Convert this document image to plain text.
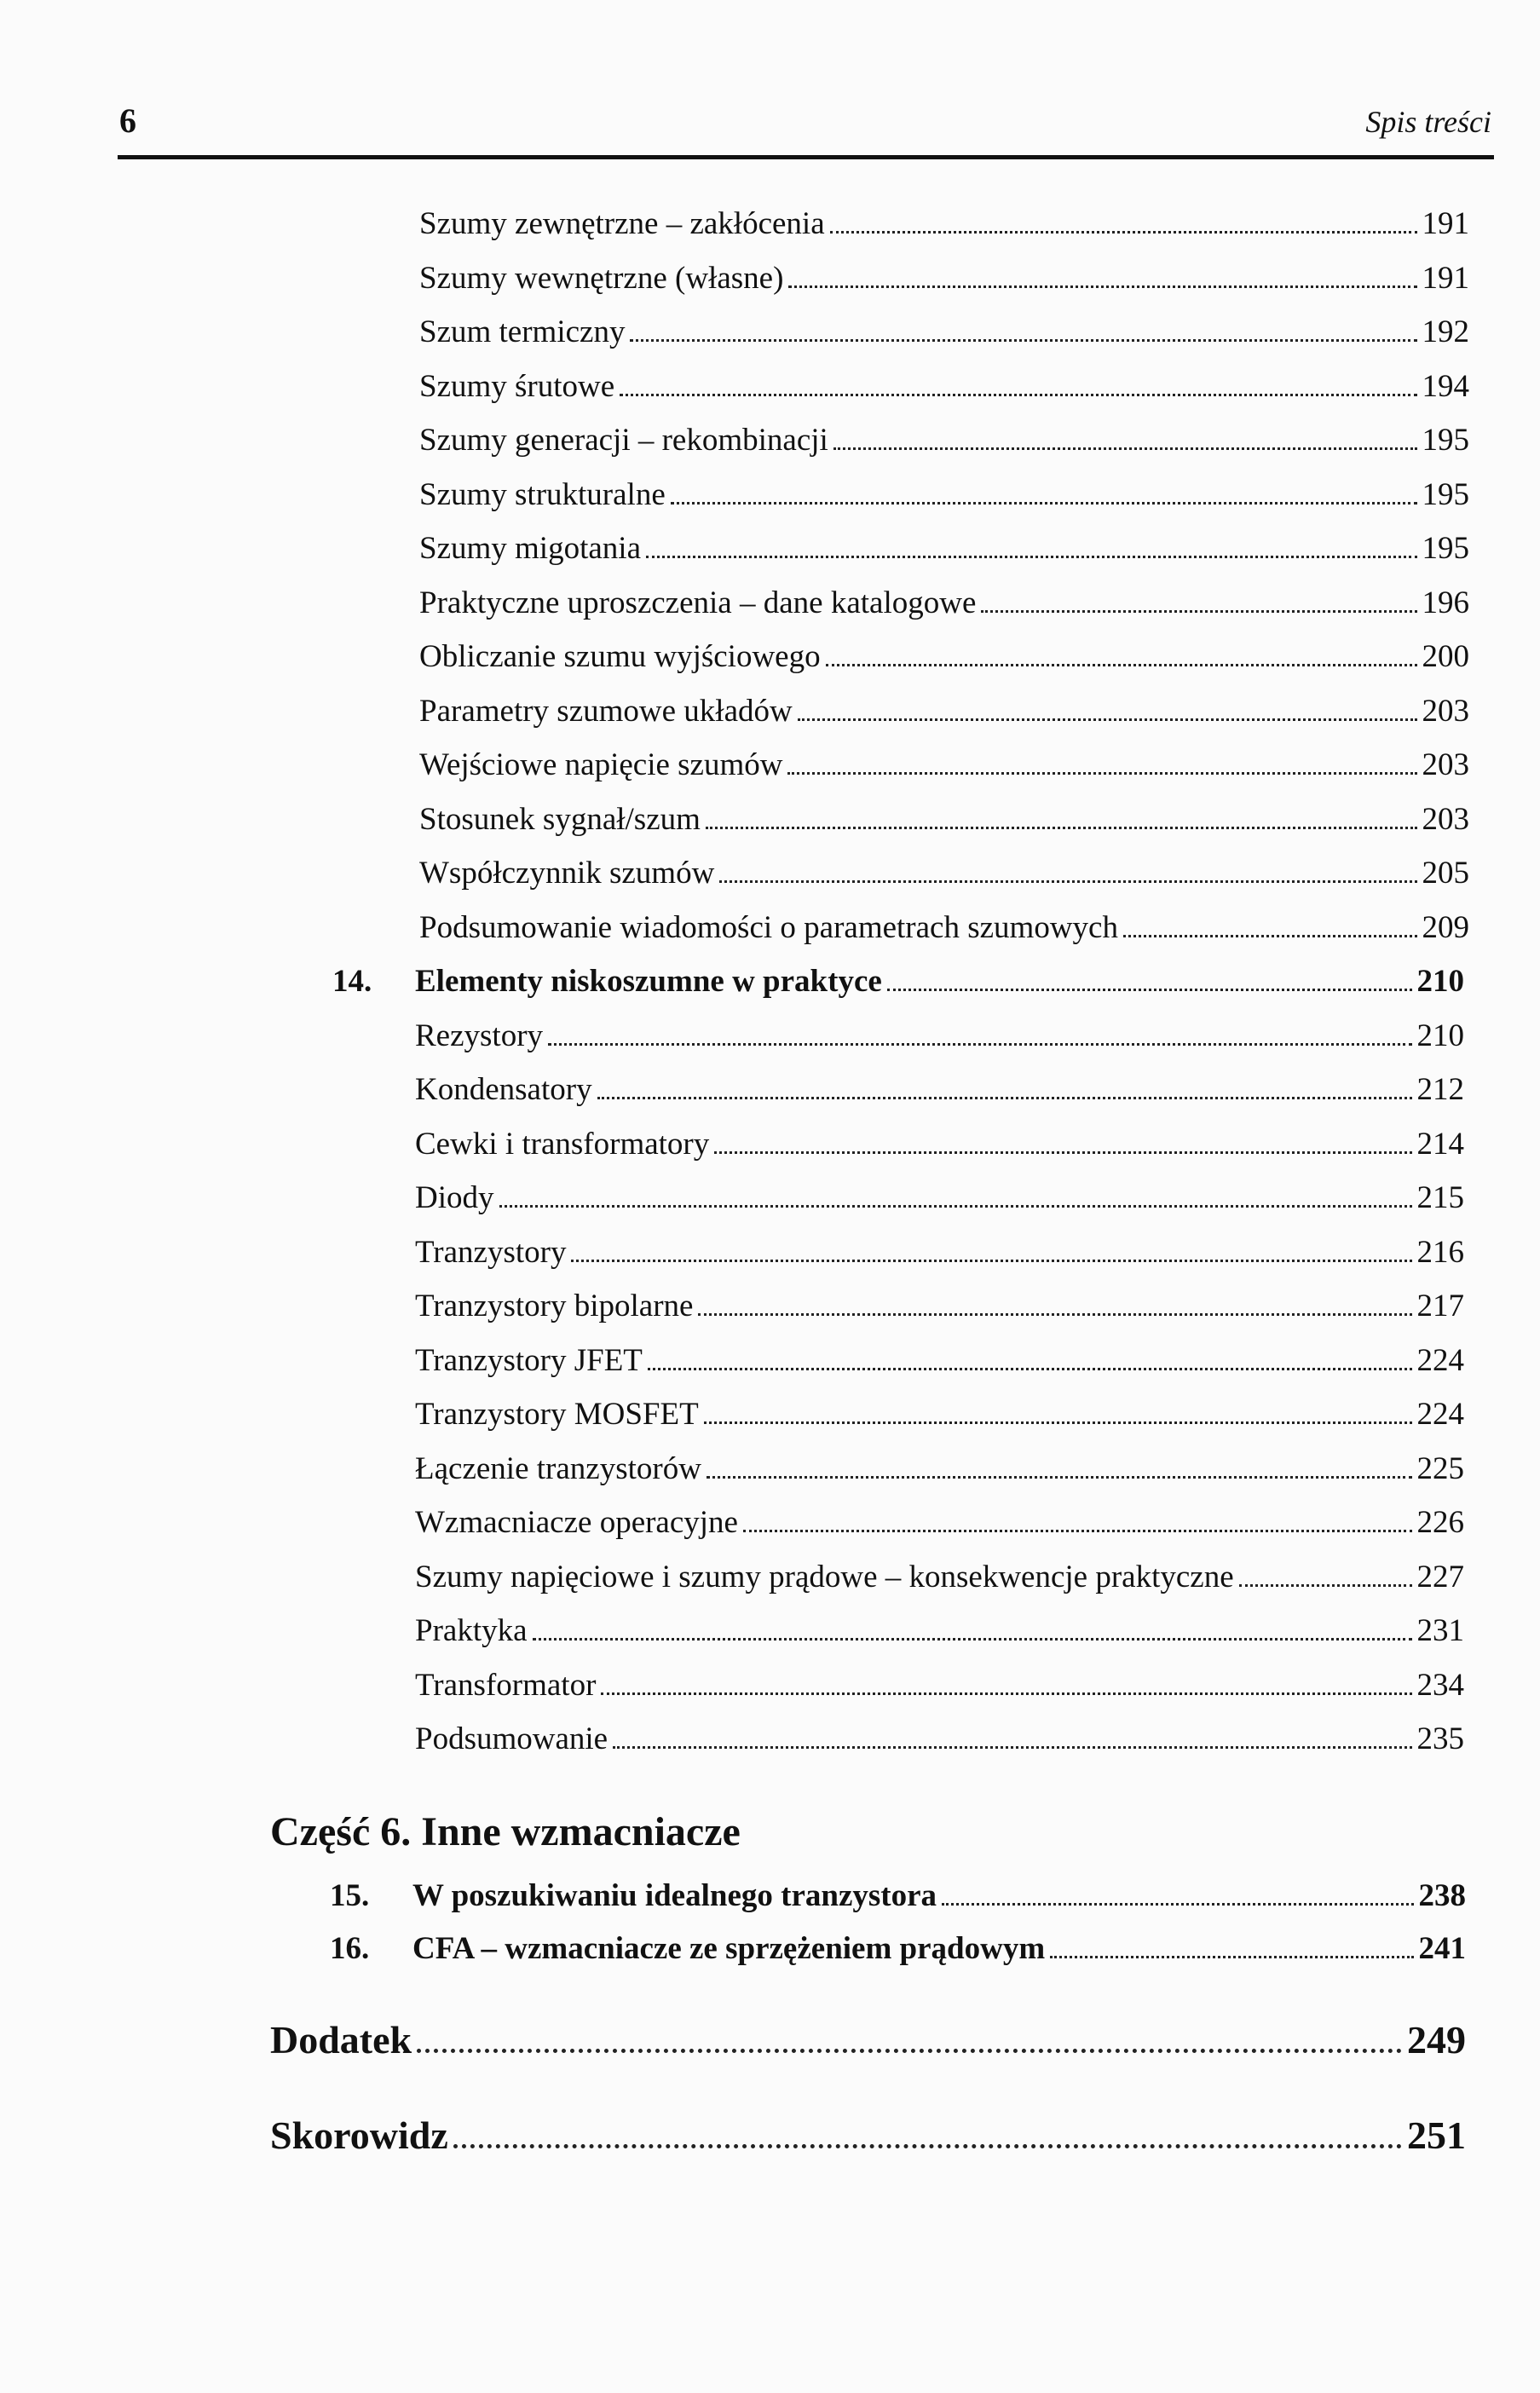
6	Spis treści
Szumy zewnętrzne – zakłócenia	191
Szumy wewnętrzne (własne)	191
Szum termiczny	192
Szumy śrutowe	194
Szumy generacji – rekombinacji	195
Szumy strukturalne	195
Szumy migotania	195
Praktyczne uproszczenia – dane katalogowe	196
Obliczanie szumu wyjściowego	200
Parametry szumowe układów	203
Wejściowe napięcie szumów	203
Stosunek sygnał/szum	203
Współczynnik szumów	205
Podsumowanie wiadomości o parametrach szumowych	209
14. Elementy niskoszumne w praktyce	210
Rezystory	210
Kondensatory	212
Cewki i transformatory	214
Diody	215
Tranzystory	216
Tranzystory bipolarne	217
Tranzystory JFET	224
Tranzystory MOSFET	224
Łączenie tranzystorów	225
Wzmacniacze operacyjne	226
Szumy napięciowe i szumy prądowe – konsekwencje praktyczne	227
Praktyka	231
Transformator	234
Podsumowanie	235
Część 6. Inne wzmacniacze
15. W poszukiwaniu idealnego tranzystora	238
16. CFA – wzmacniacze ze sprzężeniem prądowym	241
Dodatek	249
Skorowidz	251
